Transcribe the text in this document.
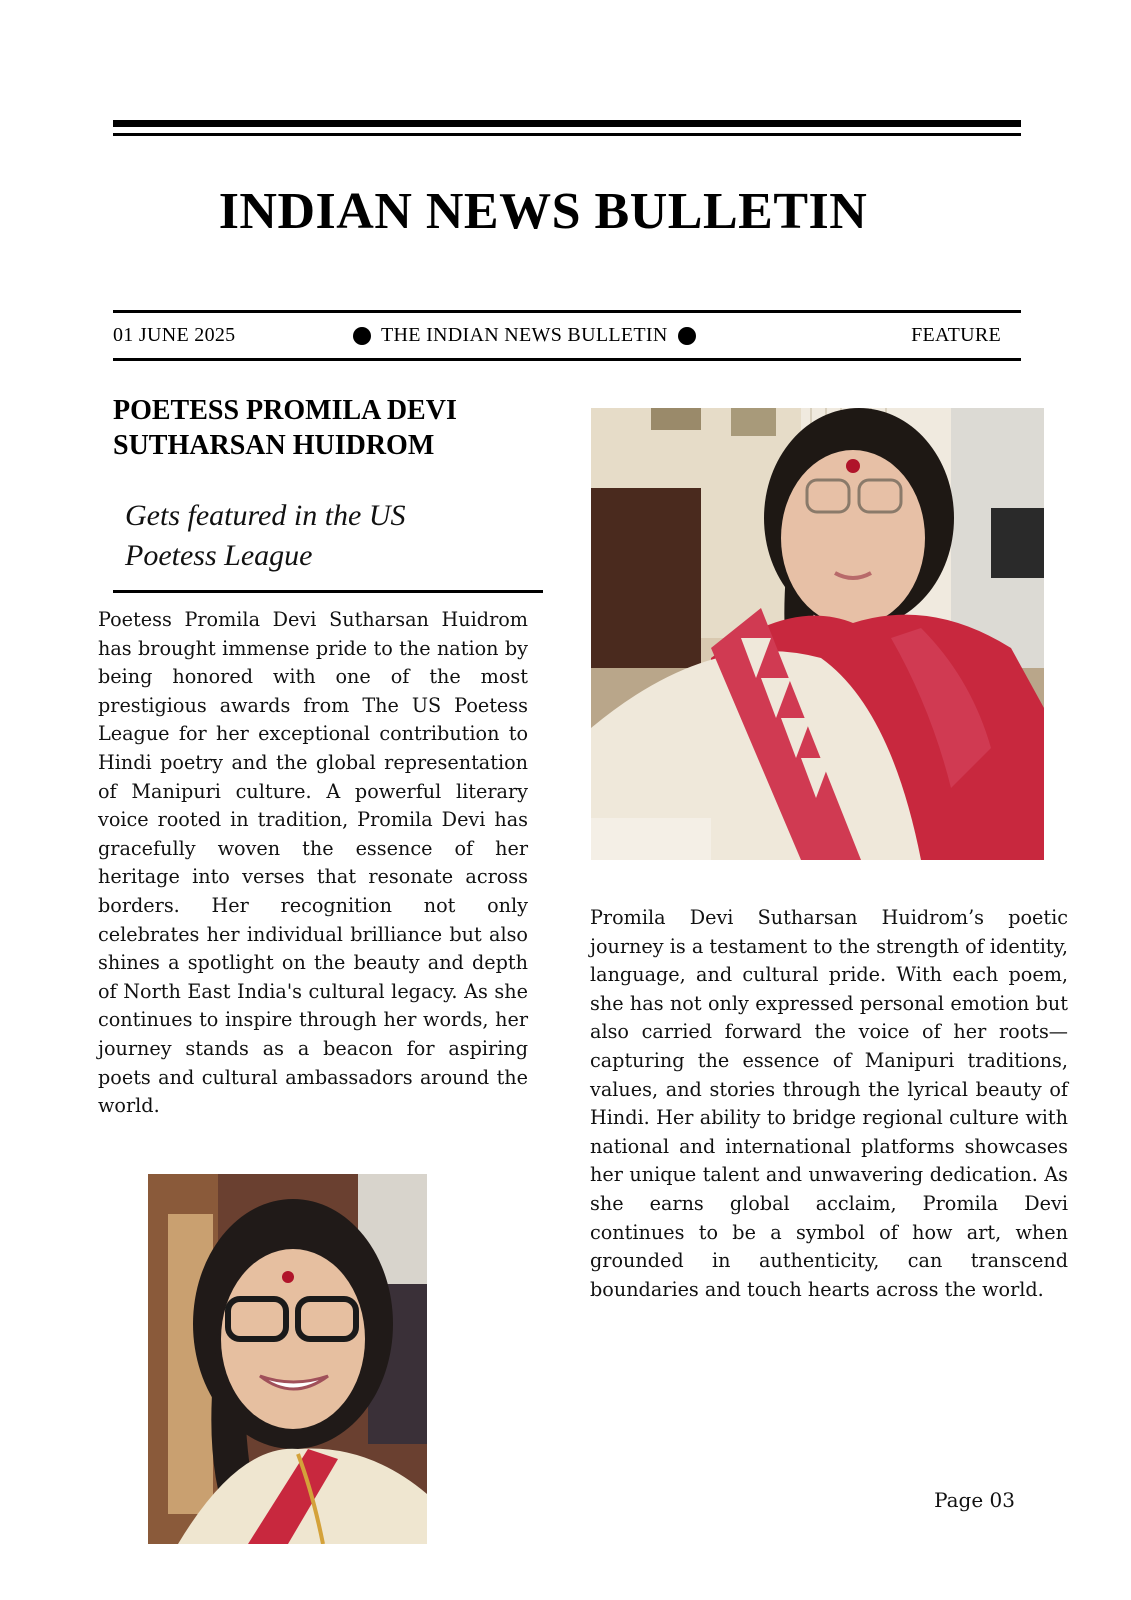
INDIAN NEWS BULLETIN
01 JUNE 2025	THE INDIAN NEWS BULLETIN	FEATURE
POETESS PROMILA DEVI
SUTHARSAN HUIDROM
Gets featured in the US
Poetess League
Poetess Promila Devi Sutharsan Huidrom has brought immense pride to the nation by being honored with one of the most prestigious awards from The US Poetess League for her exceptional contribution to Hindi poetry and the global representation of Manipuri culture. A powerful literary voice rooted in tradition, Promila Devi has gracefully woven the essence of her heritage into verses that resonate across borders. Her recognition not only celebrates her individual brilliance but also shines a spotlight on the beauty and depth of North East India's cultural legacy. As she continues to inspire through her words, her journey stands as a beacon for aspiring poets and cultural ambassadors around the world.
Promila Devi Sutharsan Huidrom’s poetic journey is a testament to the strength of identity, language, and cultural pride. With each poem, she has not only expressed personal emotion but also carried forward the voice of her roots—capturing the essence of Manipuri traditions, values, and stories through the lyrical beauty of Hindi. Her ability to bridge regional culture with national and international platforms showcases her unique talent and unwavering dedication. As she earns global acclaim, Promila Devi continues to be a symbol of how art, when grounded in authenticity, can transcend boundaries and touch hearts across the world.
Page 03
